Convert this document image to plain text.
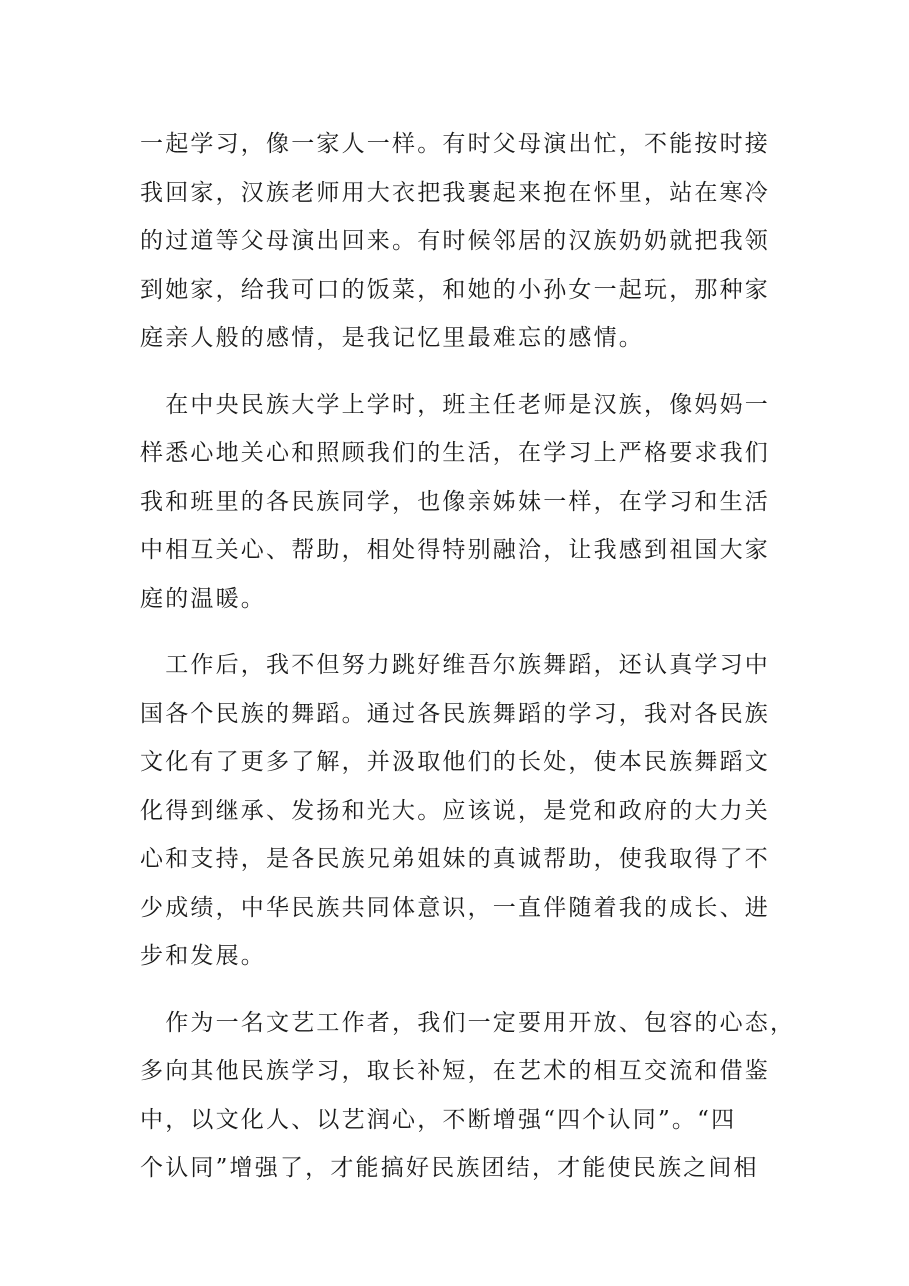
一起学习，像一家人一样。有时父母演出忙，不能按时接
我回家，汉族老师用大衣把我裹起来抱在怀里，站在寒冷
的过道等父母演出回来。有时候邻居的汉族奶奶就把我领
到她家，给我可口的饭菜，和她的小孙女一起玩，那种家
庭亲人般的感情，是我记忆里最难忘的感情。
　在中央民族大学上学时，班主任老师是汉族，像妈妈一
样悉心地关心和照顾我们的生活，在学习上严格要求我们
我和班里的各民族同学，也像亲姊妹一样，在学习和生活
中相互关心、帮助，相处得特别融洽，让我感到祖国大家
庭的温暖。
　工作后，我不但努力跳好维吾尔族舞蹈，还认真学习中
国各个民族的舞蹈。通过各民族舞蹈的学习，我对各民族
文化有了更多了解，并汲取他们的长处，使本民族舞蹈文
化得到继承、发扬和光大。应该说，是党和政府的大力关
心和支持，是各民族兄弟姐妹的真诚帮助，使我取得了不
少成绩，中华民族共同体意识，一直伴随着我的成长、进
步和发展。
　作为一名文艺工作者，我们一定要用开放、包容的心态，
多向其他民族学习，取长补短，在艺术的相互交流和借鉴
中，以文化人、以艺润心，不断增强“四个认同”。“四
个认同”增强了，才能搞好民族团结，才能使民族之间相
